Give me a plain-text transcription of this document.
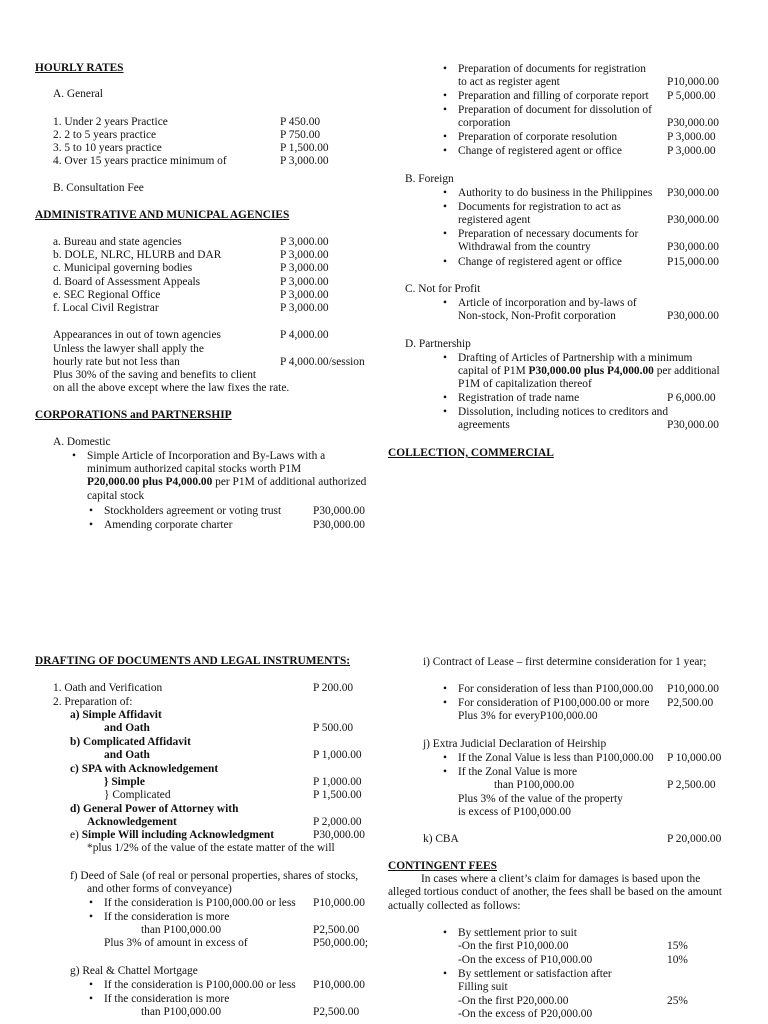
HOURLY RATES
A. General
1. Under 2 years Practice	P 450.00
2. 2 to 5 years practice	P 750.00
3. 5 to 10 years practice	P 1,500.00
4. Over 15 years practice minimum of	P 3,000.00
B. Consultation Fee
ADMINISTRATIVE AND MUNICPAL AGENCIES
a. Bureau and state agencies	P 3,000.00
b. DOLE, NLRC, HLURB and DAR	P 3,000.00
c. Municipal governing bodies	P 3,000.00
d. Board of Assessment Appeals	P 3,000.00
e. SEC Regional Office	P 3,000.00
f. Local Civil Registrar	P 3,000.00
Appearances in out of town agencies	P 4,000.00
Unless the lawyer shall apply the
hourly rate but not less than	P 4,000.00/session
Plus 30% of the saving and benefits to client
on all the above except where the law fixes the rate.
CORPORATIONS and PARTNERSHIP
A. Domestic
• Simple Article of Incorporation and By-Laws with a
minimum authorized capital stocks worth P1M
P20,000.00 plus P4,000.00 per P1M of additional authorized
capital stock
• Stockholders agreement or voting trust	P30,000.00
• Amending corporate charter	P30,000.00
• Preparation of documents for registration
to act as register agent	P10,000.00
• Preparation and filling of corporate report P 5,000.00
• Preparation of document for dissolution of
corporation	P30,000.00
• Preparation of corporate resolution	P 3,000.00
• Change of registered agent or office	P 3,000.00
B. Foreign
• Authority to do business in the Philippines P30,000.00
• Documents for registration to act as
registered agent	P30,000.00
• Preparation of necessary documents for
Withdrawal from the country	P30,000.00
• Change of registered agent or office	P15,000.00
C. Not for Profit
• Article of incorporation and by-laws of
Non-stock, Non-Profit corporation	P30,000.00
D. Partnership
• Drafting of Articles of Partnership with a minimum
capital of P1M P30,000.00 plus P4,000.00 per additional
P1M of capitalization thereof
• Registration of trade name	P 6,000.00
• Dissolution, including notices to creditors and
agreements	P30,000.00
COLLECTION, COMMERCIAL
DRAFTING OF DOCUMENTS AND LEGAL INSTRUMENTS:
1. Oath and Verification	P 200.00
2. Preparation of:
a) Simple Affidavit
and Oath	P 500.00
b) Complicated Affidavit
and Oath	P 1,000.00
c) SPA with Acknowledgement
} Simple	P 1,000.00
} Complicated	P 1,500.00
d) General Power of Attorney with
Acknowledgement	P 2,000.00
e) Simple Will including Acknowledgment	P30,000.00
*plus 1/2% of the value of the estate matter of the will
f) Deed of Sale (of real or personal properties, shares of stocks,
and other forms of conveyance)
• If the consideration is P100,000.00 or less P10,000.00
• If the consideration is more
than P100,000.00	P2,500.00
Plus 3% of amount in excess of	P50,000.00;
g) Real & Chattel Mortgage
• If the consideration is P100,000.00 or less P10,000.00
• If the consideration is more
than P100,000.00	P2,500.00
i) Contract of Lease – first determine consideration for 1 year;
• For consideration of less than P100,000.00 P10,000.00
• For consideration of P100,000.00 or more P2,500.00
Plus 3% for everyP100,000.00
j) Extra Judicial Declaration of Heirship
• If the Zonal Value is less than P100,000.00 P 10,000.00
• If the Zonal Value is more
than P100,000.00	P 2,500.00
Plus 3% of the value of the property
is excess of P100,000.00
k) CBA	P 20,000.00
CONTINGENT FEES
In cases where a client’s claim for damages is based upon the
alleged tortious conduct of another, the fees shall be based on the amount
actually collected as follows:
• By settlement prior to suit
-On the first P10,000.00	15%
-On the excess of P10,000.00	10%
• By settlement or satisfaction after
Filling suit
-On the first P20,000.00	25%
-On the excess of P20,000.00
